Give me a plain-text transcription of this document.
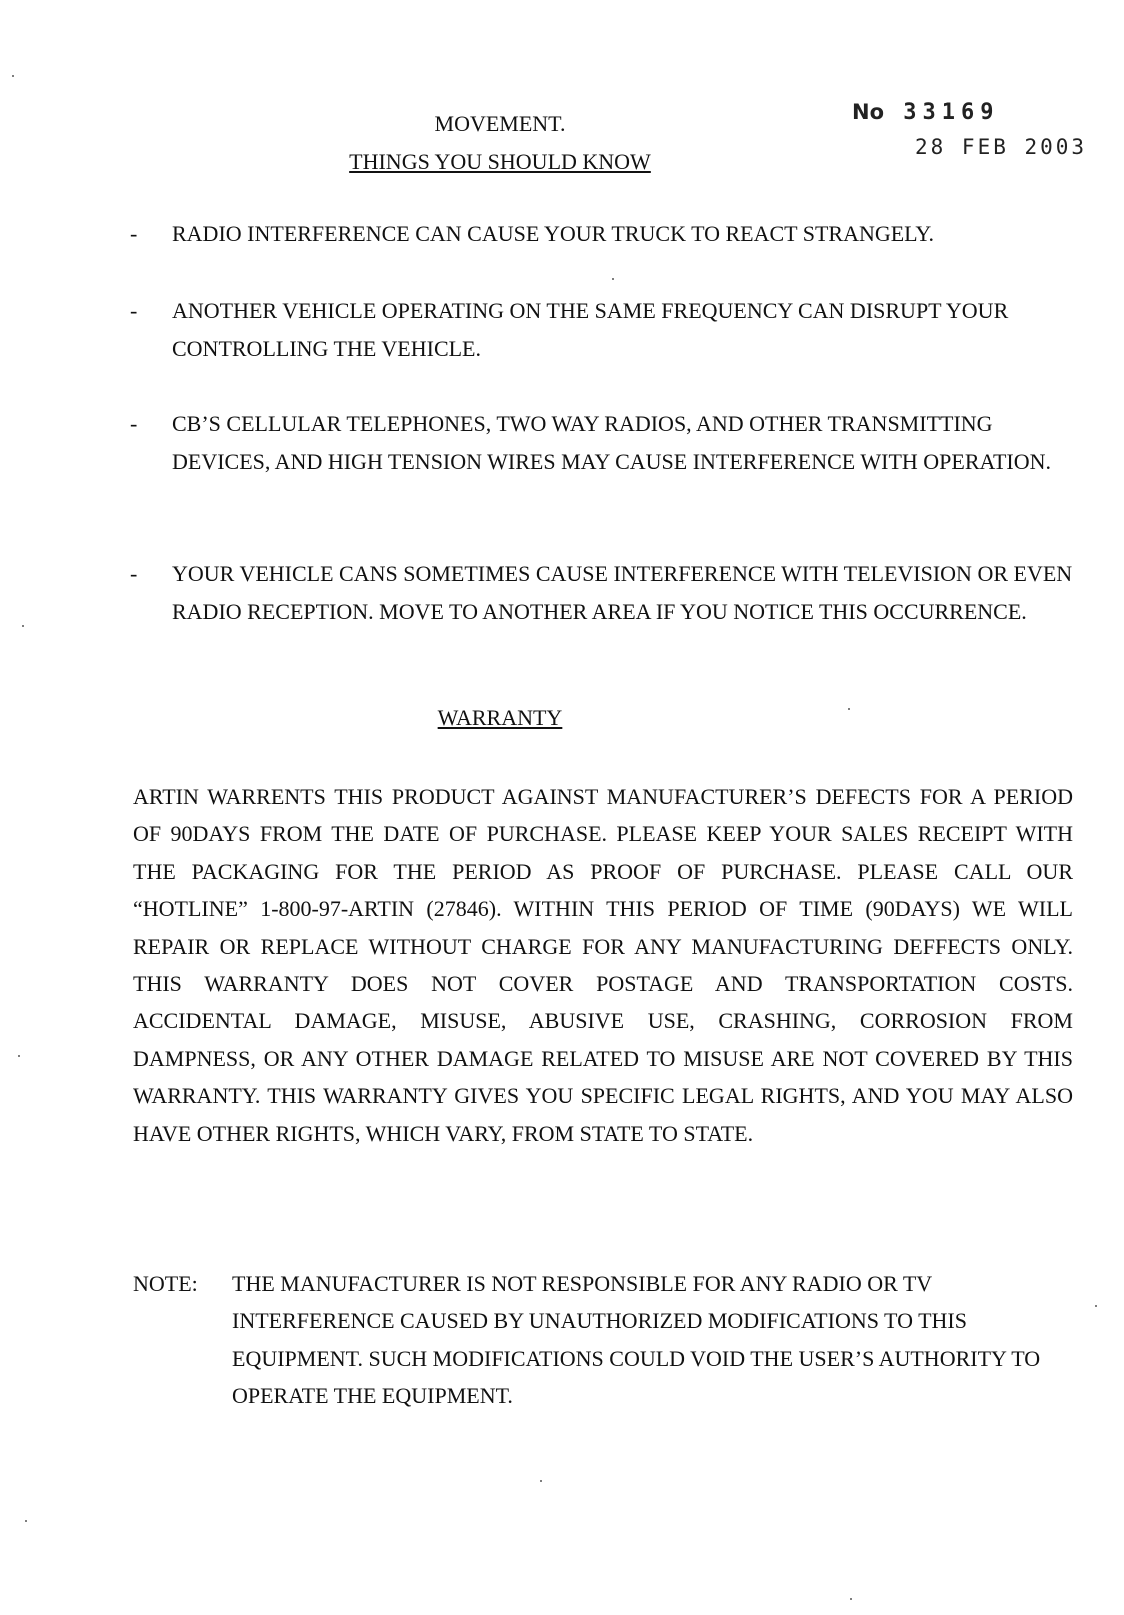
MOVEMENT.
THINGS YOU SHOULD KNOW
No 33169
28 FEB 2003
- RADIO INTERFERENCE CAN CAUSE YOUR TRUCK TO REACT STRANGELY.
- ANOTHER VEHICLE OPERATING ON THE SAME FREQUENCY CAN DISRUPT YOUR CONTROLLING THE VEHICLE.
- CB’S CELLULAR TELEPHONES, TWO WAY RADIOS, AND OTHER TRANSMITTING DEVICES, AND HIGH TENSION WIRES MAY CAUSE INTERFERENCE WITH OPERATION.
- YOUR VEHICLE CANS SOMETIMES CAUSE INTERFERENCE WITH TELEVISION OR EVEN RADIO RECEPTION. MOVE TO ANOTHER AREA IF YOU NOTICE THIS OCCURRENCE.
WARRANTY
ARTIN WARRENTS THIS PRODUCT AGAINST MANUFACTURER’S DEFECTS FOR A PERIOD OF 90DAYS FROM THE DATE OF PURCHASE. PLEASE KEEP YOUR SALES RECEIPT WITH THE PACKAGING FOR THE PERIOD AS PROOF OF PURCHASE. PLEASE CALL OUR “HOTLINE” 1-800-97-ARTIN (27846). WITHIN THIS PERIOD OF TIME (90DAYS) WE WILL REPAIR OR REPLACE WITHOUT CHARGE FOR ANY MANUFACTURING DEFFECTS ONLY. THIS WARRANTY DOES NOT COVER POSTAGE AND TRANSPORTATION COSTS. ACCIDENTAL DAMAGE, MISUSE, ABUSIVE USE, CRASHING, CORROSION FROM DAMPNESS, OR ANY OTHER DAMAGE RELATED TO MISUSE ARE NOT COVERED BY THIS WARRANTY. THIS WARRANTY GIVES YOU SPECIFIC LEGAL RIGHTS, AND YOU MAY ALSO HAVE OTHER RIGHTS, WHICH VARY, FROM STATE TO STATE.
NOTE: THE MANUFACTURER IS NOT RESPONSIBLE FOR ANY RADIO OR TV INTERFERENCE CAUSED BY UNAUTHORIZED MODIFICATIONS TO THIS EQUIPMENT. SUCH MODIFICATIONS COULD VOID THE USER’S AUTHORITY TO OPERATE THE EQUIPMENT.
